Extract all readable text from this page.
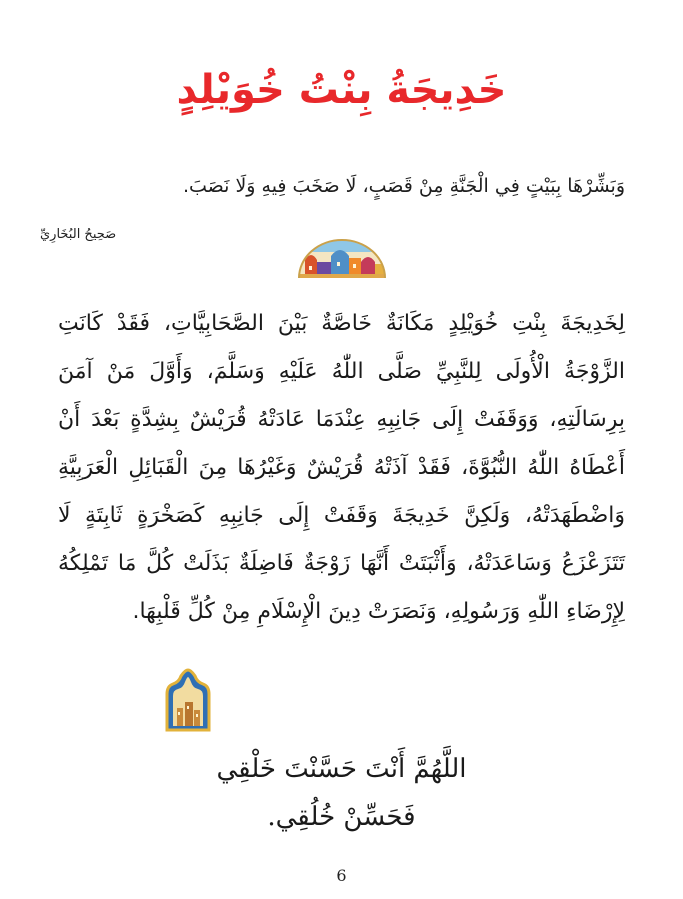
خَدِيجَةُ بِنْتُ خُوَيْلِدٍ
وَبَشِّرْهَا بِبَيْتٍ فِي الْجَنَّةِ مِنْ قَصَبٍ، لَا صَخَبَ فِيهِ وَلَا نَصَبَ.
صَحِيحُ البُخَارِيِّ
لِخَدِيجَةَ بِنْتِ خُوَيْلِدٍ مَكَانَةٌ خَاصَّةٌ بَيْنَ الصَّحَابِيَّاتِ، فَقَدْ كَانَتِ الزَّوْجَةُ الْأُولَى لِلنَّبِيِّ صَلَّى اللّٰهُ عَلَيْهِ وَسَلَّمَ، وَأَوَّلَ مَنْ آمَنَ بِرِسَالَتِهِ، وَوَقَفَتْ إِلَى جَانِبِهِ عِنْدَمَا عَادَتْهُ قُرَيْشٌ بِشِدَّةٍ بَعْدَ أَنْ أَعْطَاهُ اللّٰهُ النُّبُوَّةَ، فَقَدْ آذَتْهُ قُرَيْشٌ وَغَيْرُهَا مِنَ الْقَبَائِلِ الْعَرَبِيَّةِ وَاضْطَهَدَتْهُ، وَلَكِنَّ خَدِيجَةَ وَقَفَتْ إِلَى جَانِبِهِ كَصَخْرَةٍ ثَابِتَةٍ لَا تَتَزَعْزَعُ وَسَاعَدَتْهُ، وَأَثْبَتَتْ أَنَّهَا زَوْجَةٌ فَاضِلَةٌ بَذَلَتْ كُلَّ مَا تَمْلِكُهُ لِإِرْضَاءِ اللّٰهِ وَرَسُولِهِ، وَنَصَرَتْ دِينَ الْإِسْلَامِ مِنْ كُلِّ قَلْبِهَا.
اللَّهُمَّ أَنْتَ حَسَّنْتَ خَلْقِي
فَحَسِّنْ خُلُقِي.
6
